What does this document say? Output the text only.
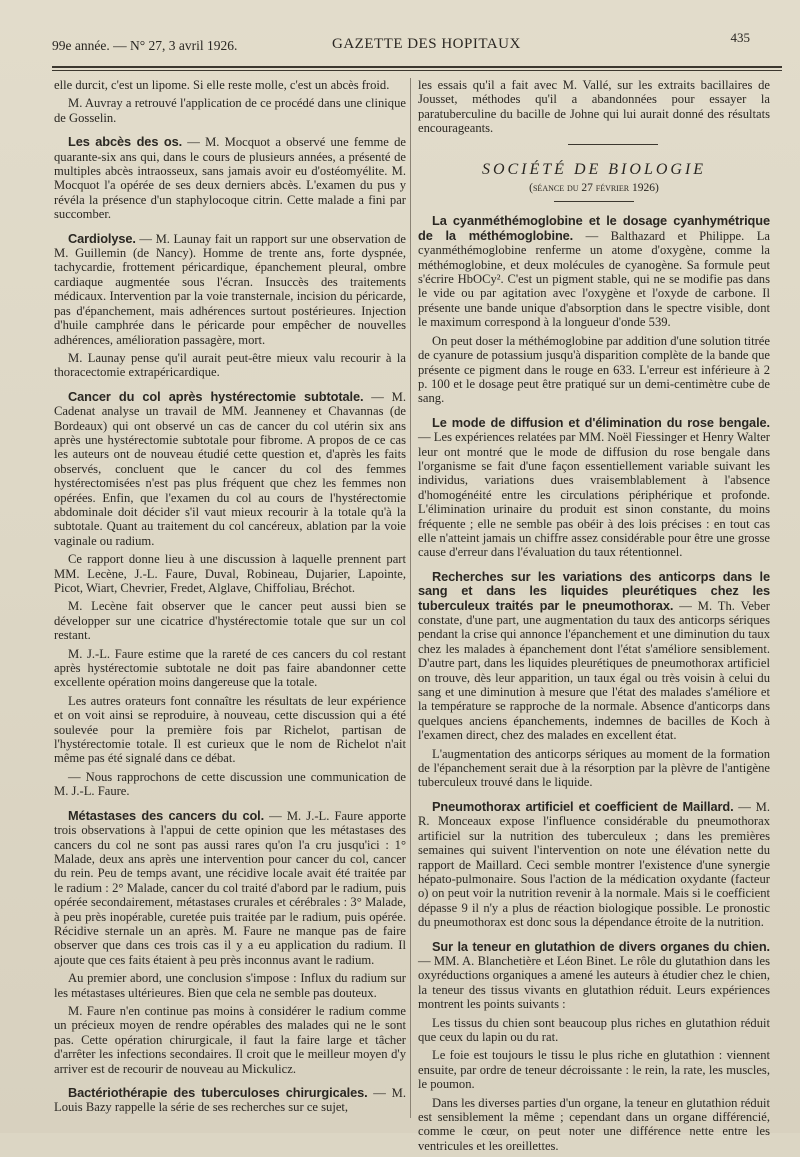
99e année. — N° 27, 3 avril 1926.	GAZETTE DES HOPITAUX	435

elle durcit, c'est un lipome. Si elle reste molle, c'est un abcès froid.

M. Auvray a retrouvé l'application de ce procédé dans une clinique de Gosselin.

Les abcès des os. — M. Mocquot a observé une femme de quarante-six ans qui, dans le cours de plusieurs années, a présenté de multiples abcès intraosseux, sans jamais avoir eu d'ostéomyélite. M. Mocquot l'a opérée de ses deux derniers abcès. L'examen du pus y révéla la présence d'un staphylocoque citrin. Cette malade a fini par succomber.

Cardiolyse. — M. Launay fait un rapport sur une observation de M. Guillemin (de Nancy). Homme de trente ans, forte dyspnée, tachycardie, frottement péricardique, épanchement pleural, ombre cardiaque augmentée sous l'écran. Insuccès des traitements médicaux. Intervention par la voie transternale, incision du péricarde, pas d'épanchement, mais adhérences surtout postérieures. Injection d'huile camphrée dans le péricarde pour empêcher de nouvelles adhérences, amélioration passagère, mort.

M. Launay pense qu'il aurait peut-être mieux valu recourir à la thoracectomie extrapéricardique.

Cancer du col après hystérectomie subtotale. — M. Cadenat analyse un travail de MM. Jeanneney et Chavannas (de Bordeaux) qui ont observé un cas de cancer du col utérin six ans après une hystérectomie subtotale pour fibrome. A propos de ce cas les auteurs ont de nouveau étudié cette question et, d'après les faits observés, concluent que le cancer du col des femmes hystérectomisées n'est pas plus fréquent que chez les femmes non opérées. Enfin, que l'examen du col au cours de l'hystérectomie abdominale doit décider s'il vaut mieux recourir à la totale qu'à la subtotale. Quant au traitement du col cancéreux, ablation par la voie vaginale ou radium.

Ce rapport donne lieu à une discussion à laquelle prennent part MM. Lecène, J.-L. Faure, Duval, Robineau, Dujarier, Lapointe, Picot, Wiart, Chevrier, Fredet, Alglave, Chiffoliau, Bréchot.

M. Lecène fait observer que le cancer peut aussi bien se développer sur une cicatrice d'hystérectomie totale que sur un col restant.

M. J.-L. Faure estime que la rareté de ces cancers du col restant après hystérectomie subtotale ne doit pas faire abandonner cette excellente opération moins dangereuse que la totale.

Les autres orateurs font connaître les résultats de leur expérience et on voit ainsi se reproduire, à nouveau, cette discussion qui a été soulevée pour la première fois par Richelot, partisan de l'hystérectomie totale. Il est curieux que le nom de Richelot n'ait même pas été signalé dans ce débat.

— Nous rapprochons de cette discussion une communication de M. J.-L. Faure.

Métastases des cancers du col. — M. J.-L. Faure apporte trois observations à l'appui de cette opinion que les métastases des cancers du col ne sont pas aussi rares qu'on l'a cru jusqu'ici : 1° Malade, deux ans après une intervention pour cancer du col, cancer du rein. Peu de temps avant, une récidive locale avait été traitée par le radium : 2° Malade, cancer du col traité d'abord par le radium, puis opérée secondairement, métastases crurales et cérébrales : 3° Malade, à peu près inopérable, curetée puis traitée par le radium, puis opérée. Récidive sternale un an après. M. Faure ne manque pas de faire observer que dans ces trois cas il y a eu application du radium. Il ajoute que ces faits étaient à peu près inconnus avant le radium.

Au premier abord, une conclusion s'impose : Influx du radium sur les métastases ultérieures. Bien que cela ne semble pas douteux.

M. Faure n'en continue pas moins à considérer le radium comme un précieux moyen de rendre opérables des malades qui ne le sont pas. Cette opération chirurgicale, il faut la faire large et tâcher d'arrêter les infections secondaires. Il croit que le meilleur moyen d'y arriver est de recourir de nouveau au Mickulicz.

Bactériothérapie des tuberculoses chirurgicales. — M. Louis Bazy rappelle la série de ses recherches sur ce sujet,

les essais qu'il a fait avec M. Vallé, sur les extraits bacillaires de Jousset, méthodes qu'il a abandonnées pour essayer la paratuberculine du bacille de Johne qui lui aurait donné des résultats encourageants.

SOCIÉTÉ DE BIOLOGIE

(séance du 27 février 1926)

La cyanméthémoglobine et le dosage cyanhymétrique de la méthémoglobine. — Balthazard et Philippe. La cyanméthémoglobine renferme un atome d'oxygène, comme la méthémoglobine, et deux molécules de cyanogène. Sa formule peut s'écrire HbOCy². C'est un pigment stable, qui ne se modifie pas dans le vide ou par agitation avec l'oxygène et l'oxyde de carbone. Il présente une bande unique d'absorption dans le spectre visible, dont le maximum correspond à la longueur d'onde 539.

On peut doser la méthémoglobine par addition d'une solution titrée de cyanure de potassium jusqu'à disparition complète de la bande que présente ce pigment dans le rouge en 633. L'erreur est inférieure à 2 p. 100 et le dosage peut être pratiqué sur un demi-centimètre cube de sang.

Le mode de diffusion et d'élimination du rose bengale. — Les expériences relatées par MM. Noël Fiessinger et Henry Walter leur ont montré que le mode de diffusion du rose bengale dans l'organisme se fait d'une façon essentiellement variable suivant les individus, variations dues vraisemblablement à l'absence d'homogénéité entre les circulations périphérique et profonde. L'élimination urinaire du produit est sinon constante, du moins fréquente ; elle ne semble pas obéir à des lois précises : en tout cas elle n'atteint jamais un chiffre assez considérable pour être une grosse cause d'erreur dans l'évaluation du taux rétentionnel.

Recherches sur les variations des anticorps dans le sang et dans les liquides pleurétiques chez les tuberculeux traités par le pneumothorax. — M. Th. Veber constate, d'une part, une augmentation du taux des anticorps sériques pendant la crise qui annonce l'épanchement et une diminution du taux chez les malades à épanchement dont l'état s'améliore sensiblement. D'autre part, dans les liquides pleurétiques de pneumothorax artificiel on trouve, dès leur apparition, un taux égal ou très voisin à celui du sang et une diminution à mesure que l'état des malades s'améliore et la température se rapproche de la normale. Absence d'anticorps dans quelques anciens épanchements, indemnes de bacilles de Koch à l'examen direct, chez des malades en excellent état.

L'augmentation des anticorps sériques au moment de la formation de l'épanchement serait due à la résorption par la plèvre de l'antigène tuberculeux trouvé dans le liquide.

Pneumothorax artificiel et coefficient de Maillard. — M. R. Monceaux expose l'influence considérable du pneumothorax artificiel sur la nutrition des tuberculeux ; dans les premières semaines qui suivent l'intervention on note une élévation nette du rapport de Maillard. Ceci semble montrer l'existence d'une synergie hépato-pulmonaire. Sous l'action de la médication oxydante (facteur o) on peut voir la nutrition revenir à la normale. Mais si le coefficient dépasse 9 il n'y a plus de réaction biologique possible. Le pronostic du pneumothorax est donc sous la dépendance étroite de la nutrition.

Sur la teneur en glutathion de divers organes du chien. — MM. A. Blanchetière et Léon Binet. Le rôle du glutathion dans les oxyréductions organiques a amené les auteurs à étudier chez le chien, la teneur des tissus vivants en glutathion réduit. Leurs expériences montrent les points suivants :

Les tissus du chien sont beaucoup plus riches en glutathion réduit que ceux du lapin ou du rat.

Le foie est toujours le tissu le plus riche en glutathion : viennent ensuite, par ordre de teneur décroissante : le rein, la rate, les muscles, le poumon.

Dans les diverses parties d'un organe, la teneur en glutathion réduit est sensiblement la même ; cependant dans un organe différencié, comme le cœur, on peut noter une différence nette entre les ventricules et les oreillettes.
